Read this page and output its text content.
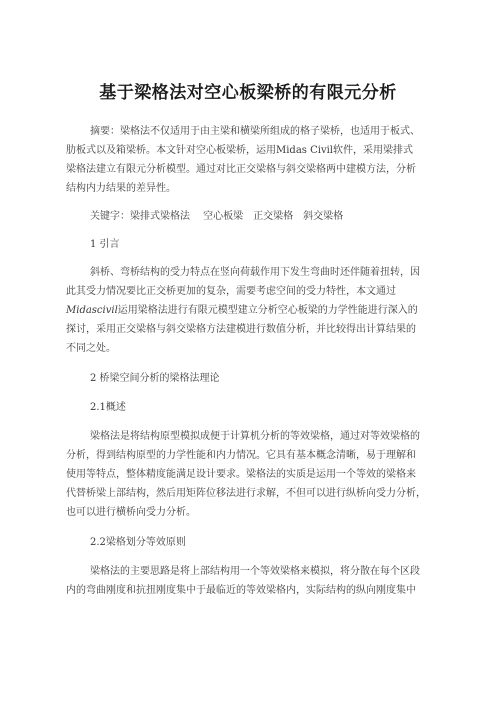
基于梁格法对空心板梁桥的有限元分析
摘要：梁格法不仅适用于由主梁和横梁所组成的格子梁桥，也适用于板式、
肋板式以及箱梁桥。本文针对空心板梁桥，运用Midas Civil软件，采用梁排式
梁格法建立有限元分析模型。通过对比正交梁格与斜交梁格两中建模方法，分析
结构内力结果的差异性。
关键字：梁排式梁格法　 空心板梁　正交梁格　斜交梁格
1 引言
斜桥、弯桥结构的受力特点在竖向荷载作用下发生弯曲时还伴随着扭转，因
此其受力情况要比正交桥更加的复杂，需要考虑空间的受力特性，本文通过
Midascivil运用梁格法进行有限元模型建立分析空心板梁的力学性能进行深入的
探讨，采用正交梁格与斜交梁格方法建模进行数值分析，并比较得出计算结果的
不同之处。
2 桥梁空间分析的梁格法理论
2.1概述
梁格法是将结构原型模拟成便于计算机分析的等效梁格，通过对等效梁格的
分析，得到结构原型的力学性能和内力情况。它具有基本概念清晰，易于理解和
使用等特点，整体精度能满足设计要求。梁格法的实质是运用一个等效的梁格来
代替桥梁上部结构，然后用矩阵位移法进行求解，不但可以进行纵桥向受力分析，
也可以进行横桥向受力分析。
2.2梁格划分等效原则
梁格法的主要思路是将上部结构用一个等效梁格来模拟，将分散在每个区段
内的弯曲刚度和抗扭刚度集中于最临近的等效梁格内，实际结构的纵向刚度集中
